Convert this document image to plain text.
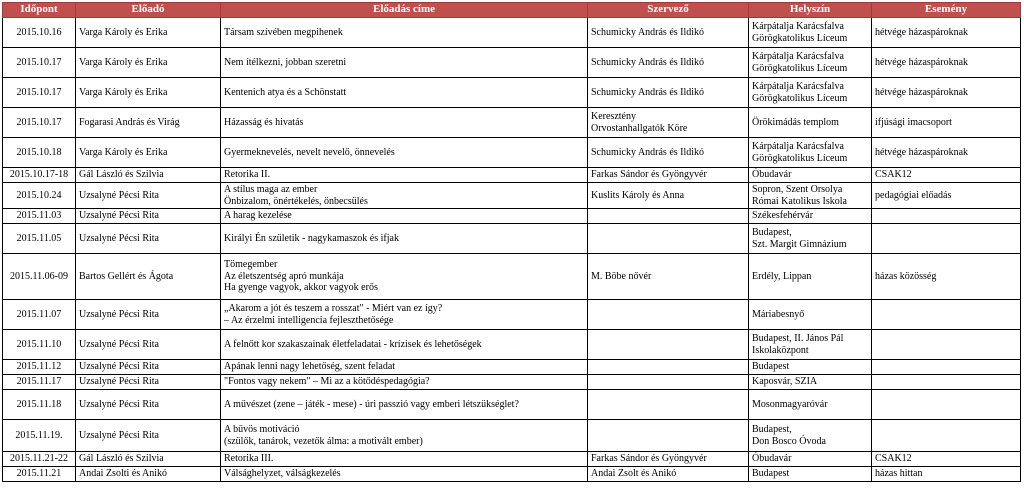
Időpont	Előadó	Előadás címe	Szervező	Helyszín	Esemény
2015.10.16	Varga Károly és Erika	Társam szívében megpihenek	Schumicky András és Ildikó	Kárpátalja Karácsfalva
Görögkatolikus Líceum	hétvége házaspároknak
2015.10.17	Varga Károly és Erika	Nem ítélkezni, jobban szeretni	Schumicky András és Ildikó	Kárpátalja Karácsfalva
Görögkatolikus Líceum	hétvége házaspároknak
2015.10.17	Varga Károly és Erika	Kentenich atya és a Schönstatt	Schumicky András és Ildikó	Kárpátalja Karácsfalva
Görögkatolikus Líceum	hétvége házaspároknak
2015.10.17	Fogarasi András és Virág	Házasság és hivatás	Keresztény
Orvostanhallgatók Köre	Örökimádás templom	ifjúsági imacsoport
2015.10.18	Varga Károly és Erika	Gyermeknevelés, nevelt nevelő, önnevelés	Schumicky András és Ildikó	Kárpátalja Karácsfalva
Görögkatolikus Líceum	hétvége házaspároknak
2015.10.17-18	Gál László és Szilvia	Retorika II.	Farkas Sándor és Gyöngyvér	Óbudavár	CSAK12
2015.10.24	Uzsalyné Pécsi Rita	A stílus maga az ember
Önbizalom, önértékelés, önbecsülés	Kuslits Károly és Anna	Sopron, Szent Orsolya
Római Katolikus Iskola	pedagógiai előadás
2015.11.03	Uzsalyné Pécsi Rita	A harag kezelése		Székesfehérvár	

2015.11.05	Uzsalyné Pécsi Rita	Királyi Én születik - nagykamaszok és ifjak		Budapest,
Szt. Margit Gimnázium	

2015.11.06-09	Bartos Gellért és Ágota	Tömegember
Az életszentség apró munkája
Ha gyenge vagyok, akkor vagyok erős	M. Böbe nővér	Erdély, Lippan	házas közösség
2015.11.07	Uzsalyné Pécsi Rita	„Akarom a jót és teszem a rosszat" - Miért van ez így?
– Az érzelmi intelligencia fejleszthetősége		Máriabesnyő	

2015.11.10	Uzsalyné Pécsi Rita	A felnőtt kor szakaszainak életfeladatai - krízisek és lehetőségek		Budapest, II. János Pál
Iskolaközpont	

2015.11.12	Uzsalyné Pécsi Rita	Apának lenni nagy lehetőség, szent feladat		Budapest	

2015.11.17	Uzsalyné Pécsi Rita	"Fontos vagy nekem" – Mi az a kötődéspedagógia?		Kaposvár, SZIA	

2015.11.18	Uzsalyné Pécsi Rita	A művészet (zene – játék - mese) - úri passzió vagy emberi létszükséglet?		Mosonmagyaróvár	

2015.11.19.	Uzsalyné Pécsi Rita	A bűvös motiváció
(szülők, tanárok, vezetők álma: a motivált ember)		Budapest,
Don Bosco Óvoda	

2015.11.21-22	Gál László és Szilvia	Retorika III.	Farkas Sándor és Gyöngyvér	Óbudavár	CSAK12
2015.11.21	Andai Zsolti és Anikó	Válsághelyzet, válságkezelés	Andai Zsolt és Anikó	Budapest	házas hittan
